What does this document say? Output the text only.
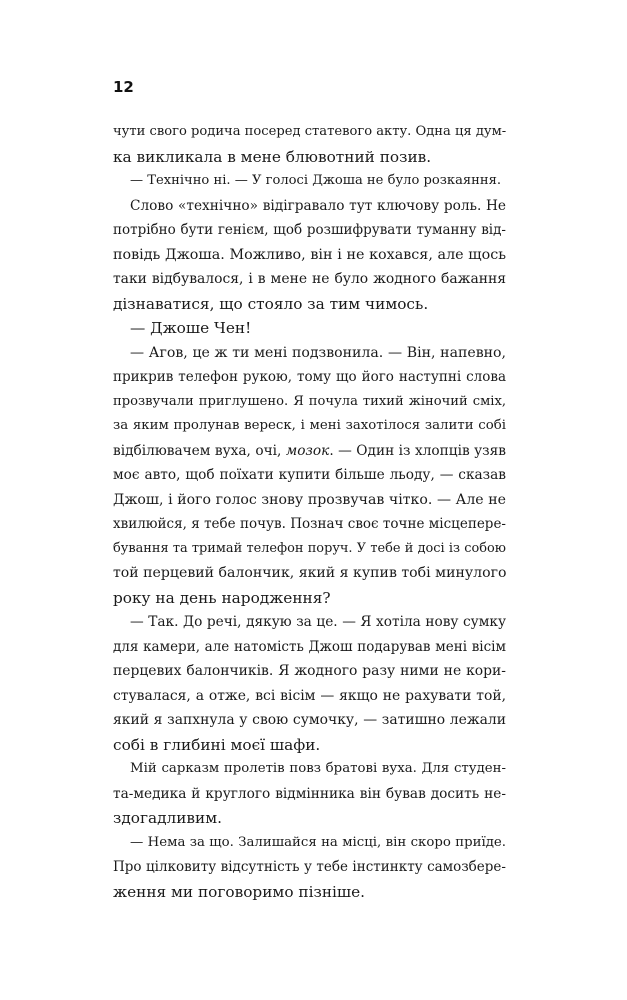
12
чути свого родича посеред статевого акту. Одна ця дум-
ка викликала в мене блювотний позив.
— Технічно ні. — У голосі Джоша не було розкаяння.
Слово «технічно» відігравало тут ключову роль. Не
потрібно бути генієм, щоб розшифрувати туманну від-
повідь Джоша. Можливо, він і не кохався, але щось
таки відбувалося, і в мене не було жодного бажання
дізнаватися, що стояло за тим чимось.
— Джоше Чен!
— Агов, це ж ти мені подзвонила. — Він, напевно,
прикрив телефон рукою, тому що його наступні слова
прозвучали приглушено. Я почула тихий жіночий сміх,
за яким пролунав вереск, і мені захотілося залити собі
відбілювачем вуха, очі, мозок. — Один із хлопців узяв
моє авто, щоб поїхати купити більше льоду, — сказав
Джош, і його голос знову прозвучав чітко. — Але не
хвилюйся, я тебе почув. Познач своє точне місцепере-
бування та тримай телефон поруч. У тебе й досі із собою
той перцевий балончик, який я купив тобі минулого
року на день народження?
— Так. До речі, дякую за це. — Я хотіла нову сумку
для камери, але натомість Джош подарував мені вісім
перцевих балончиків. Я жодного разу ними не кори-
стувалася, а отже, всі вісім — якщо не рахувати той,
який я запхнула у свою сумочку, — затишно лежали
собі в глибині моєї шафи.
Мій сарказм пролетів повз братові вуха. Для студен-
та-медика й круглого відмінника він бував досить не-
здогадливим.
— Нема за що. Залишайся на місці, він скоро приїде.
Про цілковиту відсутність у тебе інстинкту самозбере-
ження ми поговоримо пізніше.
